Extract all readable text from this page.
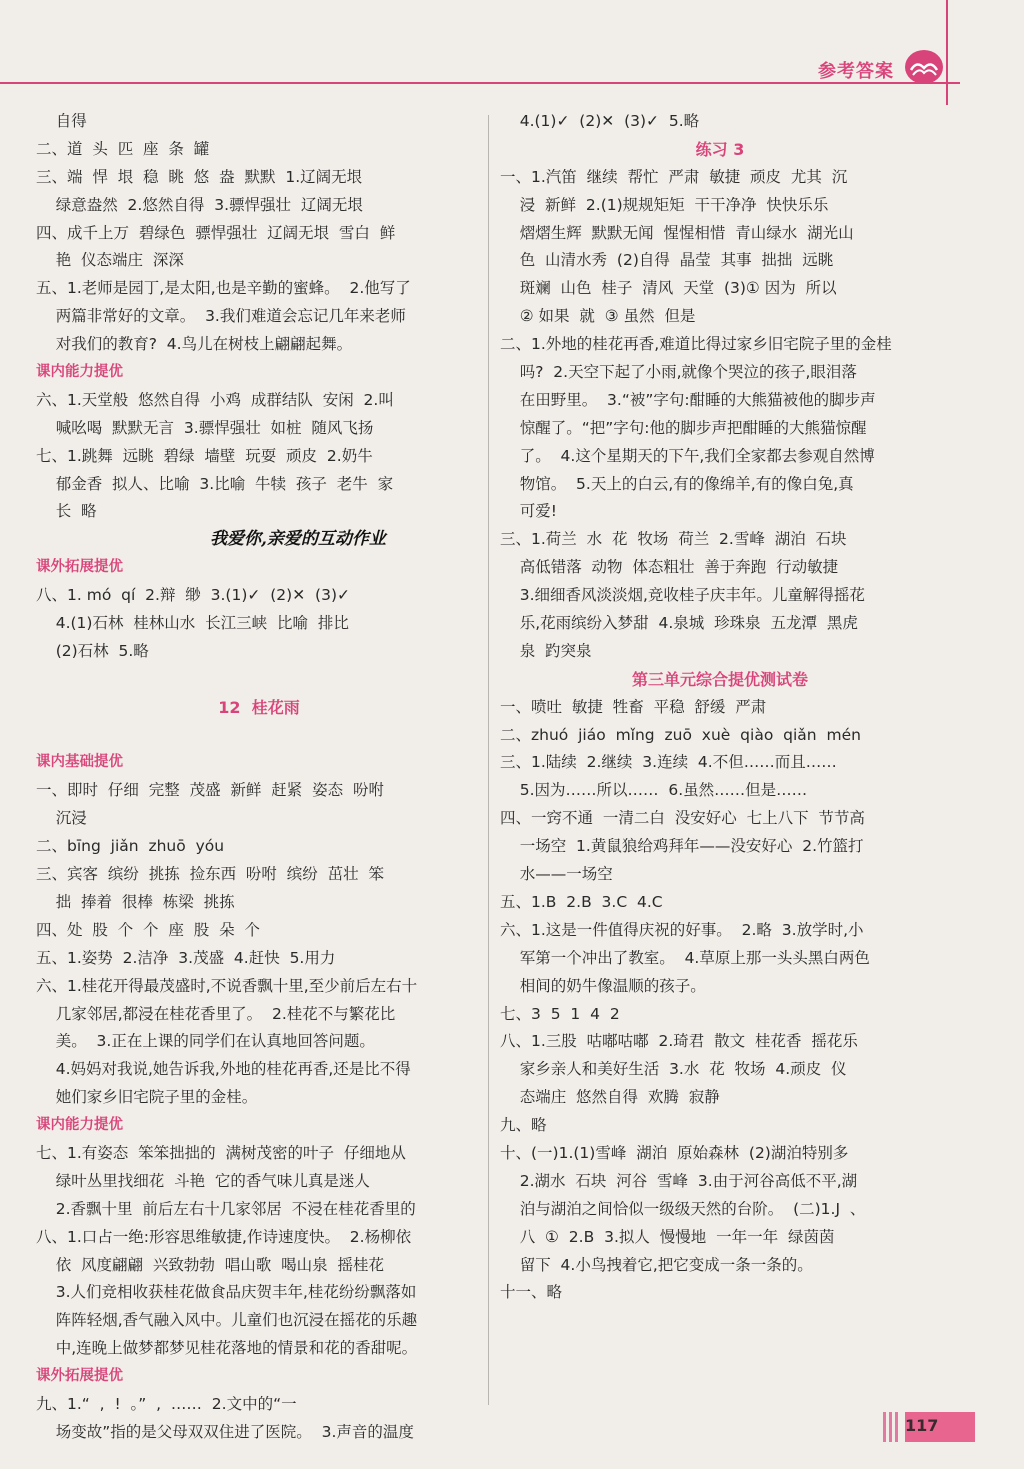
参考答案
自得
二、道  头  匹  座  条  罐
三、端  悍  垠  稳  眺  悠  盎  默默  1.辽阔无垠
绿意盎然  2.悠然自得  3.骠悍强壮  辽阔无垠
四、成千上万  碧绿色  骠悍强壮  辽阔无垠  雪白  鲜
艳  仪态端庄  深深
五、1.老师是园丁,是太阳,也是辛勤的蜜蜂。  2.他写了
两篇非常好的文章。  3.我们难道会忘记几年来老师
对我们的教育?  4.鸟儿在树枝上翩翩起舞。
课内能力提优
六、1.天堂般  悠然自得  小鸡  成群结队  安闲  2.叫
喊吆喝  默默无言  3.骠悍强壮  如桩  随风飞扬
七、1.跳舞  远眺  碧绿  墙壁  玩耍  顽皮  2.奶牛
郁金香  拟人、比喻  3.比喻  牛犊  孩子  老牛  家
长  略
我爱你,亲爱的互动作业
课外拓展提优
八、1. mó  qí  2.辩  缈  3.(1)✓  (2)✕  (3)✓
4.(1)石林  桂林山水  长江三峡  比喻  排比
(2)石林  5.略
12  桂花雨
课内基础提优
一、即时  仔细  完整  茂盛  新鲜  赶紧  姿态  吩咐
沉浸
二、bīng  jiǎn  zhuō  yóu
三、宾客  缤纷  挑拣  捡东西  吩咐  缤纷  茁壮  笨
拙  捧着  很棒  栋梁  挑拣
四、处  股  个  个  座  股  朵  个
五、1.姿势  2.洁净  3.茂盛  4.赶快  5.用力
六、1.桂花开得最茂盛时,不说香飘十里,至少前后左右十
几家邻居,都浸在桂花香里了。  2.桂花不与繁花比
美。  3.正在上课的同学们在认真地回答问题。
4.妈妈对我说,她告诉我,外地的桂花再香,还是比不得
她们家乡旧宅院子里的金桂。
课内能力提优
七、1.有姿态  笨笨拙拙的  满树茂密的叶子  仔细地从
绿叶丛里找细花  斗艳  它的香气味儿真是迷人
2.香飘十里  前后左右十几家邻居  不浸在桂花香里的
八、1.口占一绝:形容思维敏捷,作诗速度快。  2.杨柳依
依  风度翩翩  兴致勃勃  唱山歌  喝山泉  摇桂花
3.人们竞相收获桂花做食品庆贺丰年,桂花纷纷飘落如
阵阵轻烟,香气融入风中。儿童们也沉浸在摇花的乐趣
中,连晚上做梦都梦见桂花落地的情景和花的香甜呢。
课外拓展提优
九、1.“  ,  !  。”  ,  ……  2.文中的“一
场变故”指的是父母双双住进了医院。  3.声音的温度
4.(1)✓  (2)✕  (3)✓  5.略
练习 3
一、1.汽笛  继续  帮忙  严肃  敏捷  顽皮  尤其  沉
浸  新鲜  2.(1)规规矩矩  干干净净  快快乐乐
熠熠生辉  默默无闻  惺惺相惜  青山绿水  湖光山
色  山清水秀  (2)自得  晶莹  其事  拙拙  远眺
斑斓  山色  桂子  清风  天堂  (3)① 因为  所以
② 如果  就  ③ 虽然  但是
二、1.外地的桂花再香,难道比得过家乡旧宅院子里的金桂
吗?  2.天空下起了小雨,就像个哭泣的孩子,眼泪落
在田野里。  3.“被”字句:酣睡的大熊猫被他的脚步声
惊醒了。“把”字句:他的脚步声把酣睡的大熊猫惊醒
了。  4.这个星期天的下午,我们全家都去参观自然博
物馆。  5.天上的白云,有的像绵羊,有的像白兔,真
可爱!
三、1.荷兰  水  花  牧场  荷兰  2.雪峰  湖泊  石块
高低错落  动物  体态粗壮  善于奔跑  行动敏捷
3.细细香风淡淡烟,竞收桂子庆丰年。儿童解得摇花
乐,花雨缤纷入梦甜  4.泉城  珍珠泉  五龙潭  黑虎
泉  趵突泉
第三单元综合提优测试卷
一、喷吐  敏捷  牲畜  平稳  舒缓  严肃
二、zhuó  jiáo  mǐng  zuō  xuè  qiào  qiǎn  mén
三、1.陆续  2.继续  3.连续  4.不但……而且……
5.因为……所以……  6.虽然……但是……
四、一窍不通  一清二白  没安好心  七上八下  节节高
一场空  1.黄鼠狼给鸡拜年——没安好心  2.竹篮打
水——一场空
五、1.B  2.B  3.C  4.C
六、1.这是一件值得庆祝的好事。  2.略  3.放学时,小
军第一个冲出了教室。  4.草原上那一头头黑白两色
相间的奶牛像温顺的孩子。
七、3  5  1  4  2
八、1.三股  咕嘟咕嘟  2.琦君  散文  桂花香  摇花乐
家乡亲人和美好生活  3.水  花  牧场  4.顽皮  仪
态端庄  悠然自得  欢腾  寂静
九、略
十、(一)1.(1)雪峰  湖泊  原始森林  (2)湖泊特别多
2.湖水  石块  河谷  雪峰  3.由于河谷高低不平,湖
泊与湖泊之间恰似一级级天然的台阶。  (二)1.J  、
八  ①  2.B  3.拟人  慢慢地  一年一年  绿茵茵
留下  4.小鸟拽着它,把它变成一条一条的。
十一、略
117
